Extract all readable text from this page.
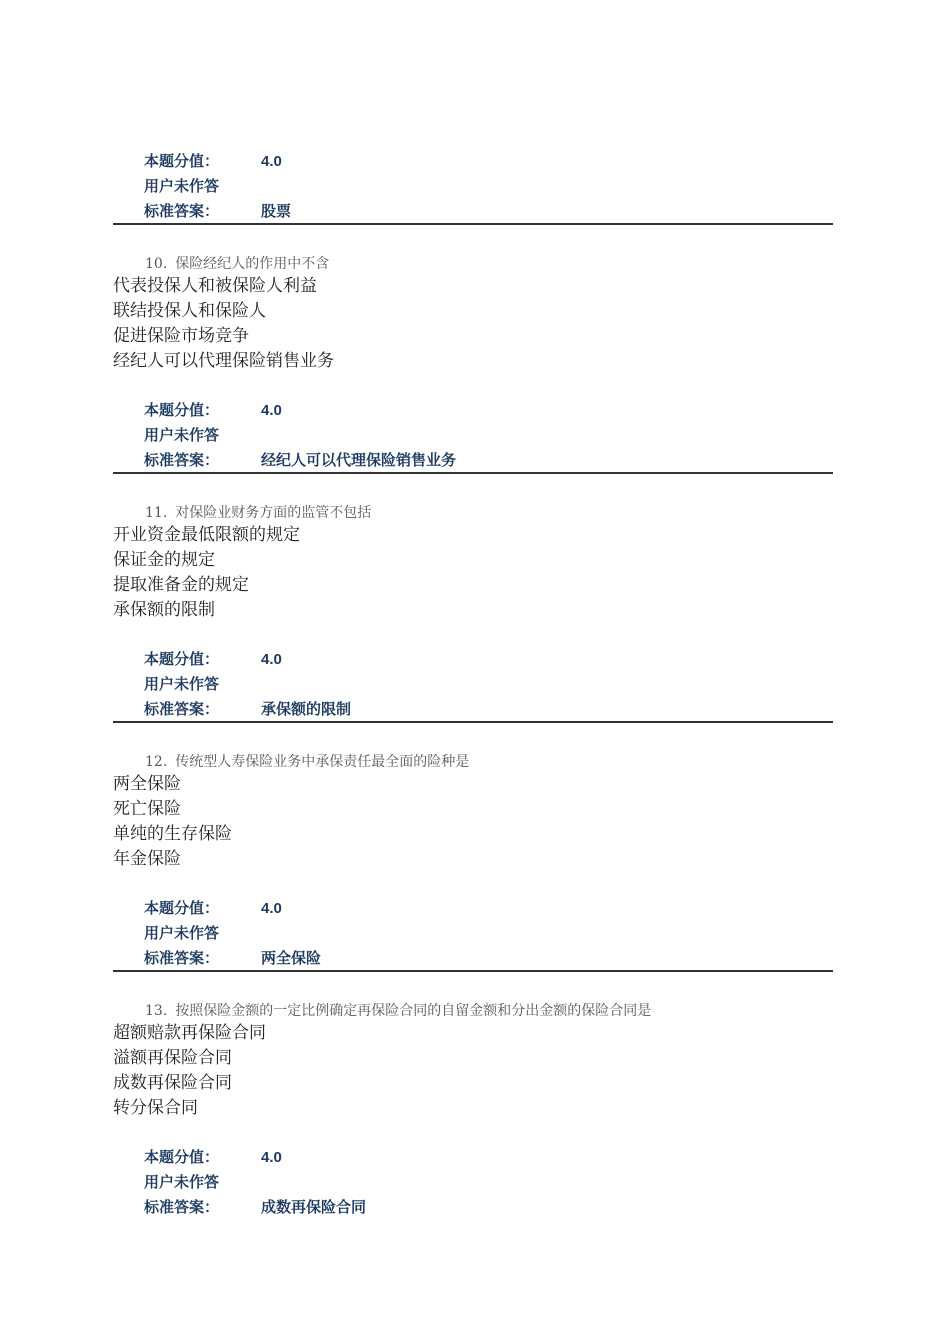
本题分值：	4.0
用户未作答
标准答案：	股票
10. 保险经纪人的作用中不含
代表投保人和被保险人利益
联结投保人和保险人
促进保险市场竞争
经纪人可以代理保险销售业务
本题分值：	4.0
用户未作答
标准答案：	经纪人可以代理保险销售业务
11. 对保险业财务方面的监管不包括
开业资金最低限额的规定
保证金的规定
提取准备金的规定
承保额的限制
本题分值：	4.0
用户未作答
标准答案：	承保额的限制
12. 传统型人寿保险业务中承保责任最全面的险种是
两全保险
死亡保险
单纯的生存保险
年金保险
本题分值：	4.0
用户未作答
标准答案：	两全保险
13. 按照保险金额的一定比例确定再保险合同的自留金额和分出金额的保险合同是
超额赔款再保险合同
溢额再保险合同
成数再保险合同
转分保合同
本题分值：	4.0
用户未作答
标准答案：	成数再保险合同
